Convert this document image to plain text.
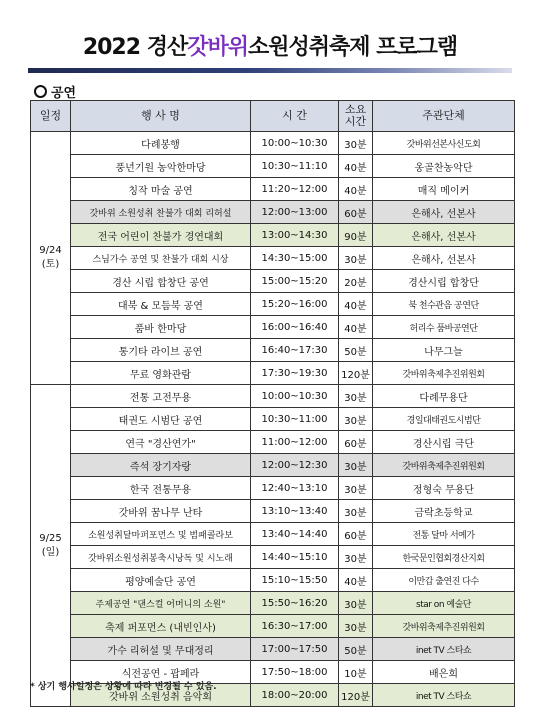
2022 경산갓바위소원성취축제 프로그램
공연
일정	행 사 명	시 간	소요
시간	주관단체
9/24
(토)	다례봉행	10:00~10:30	30분	갓바위선본사신도회
	풍년기원 농악한마당	10:30~11:10	40분	옹골찬농악단
	칭작 마술 공연	11:20~12:00	40분	매직 메이커
	갓바위 소원성취 찬불가 대회 리허설	12:00~13:00	60분	은해사, 선본사
	전국 어린이 찬불가 경연대회	13:00~14:30	90분	은해사, 선본사
	스님가수 공연 및 찬불가 대회 시상	14:30~15:00	30분	은해사, 선본사
	경산 시립 합창단 공연	15:00~15:20	20분	경산시립 합창단
	대북 & 모듬북 공연	15:20~16:00	40분	북 천수관음 공연단
	품바 한마당	16:00~16:40	40분	허리수 품바공연단
	통기타 라이브 공연	16:40~17:30	50분	나무그늘
	무료 영화관람	17:30~19:30	120분	갓바위축제추진위원회
9/25
(일)	전통 고전무용	10:00~10:30	30분	다례무용단
	태권도 시범단 공연	10:30~11:00	30분	경일대태권도시범단
	연극 "경산연가"	11:00~12:00	60분	경산시립 극단
	즉석 장기자랑	12:00~12:30	30분	갓바위축제추진위원회
	한국 전통무용	12:40~13:10	30분	정형숙 무용단
	갓바위 꿈나무 난타	13:10~13:40	30분	금락초등학교
	소원성취달마퍼포먼스 및 범패콜라보	13:40~14:40	60분	전통 달마 서예가
	갓바위소원성취봉축시낭독 및 시노래	14:40~15:10	30분	한국문인협회경산지회
	평양예술단 공연	15:10~15:50	40분	이만갑 출연진 다수
	주제공연 "댄스컬 어머니의 소원"	15:50~16:20	30분	star on 예술단
	축제 퍼포먼스 (내빈인사)	16:30~17:00	30분	갓바위축제추진위원회
	가수 리허설 및 무대정리	17:00~17:50	50분	inet TV 스타쇼
	식전공연 - 팝페라	17:50~18:00	10분	배은희
	갓바위 소원성취 음악회	18:00~20:00	120분	inet TV 스타쇼
* 상기 행사일정은 상황에 따라 변경될 수 있음.
